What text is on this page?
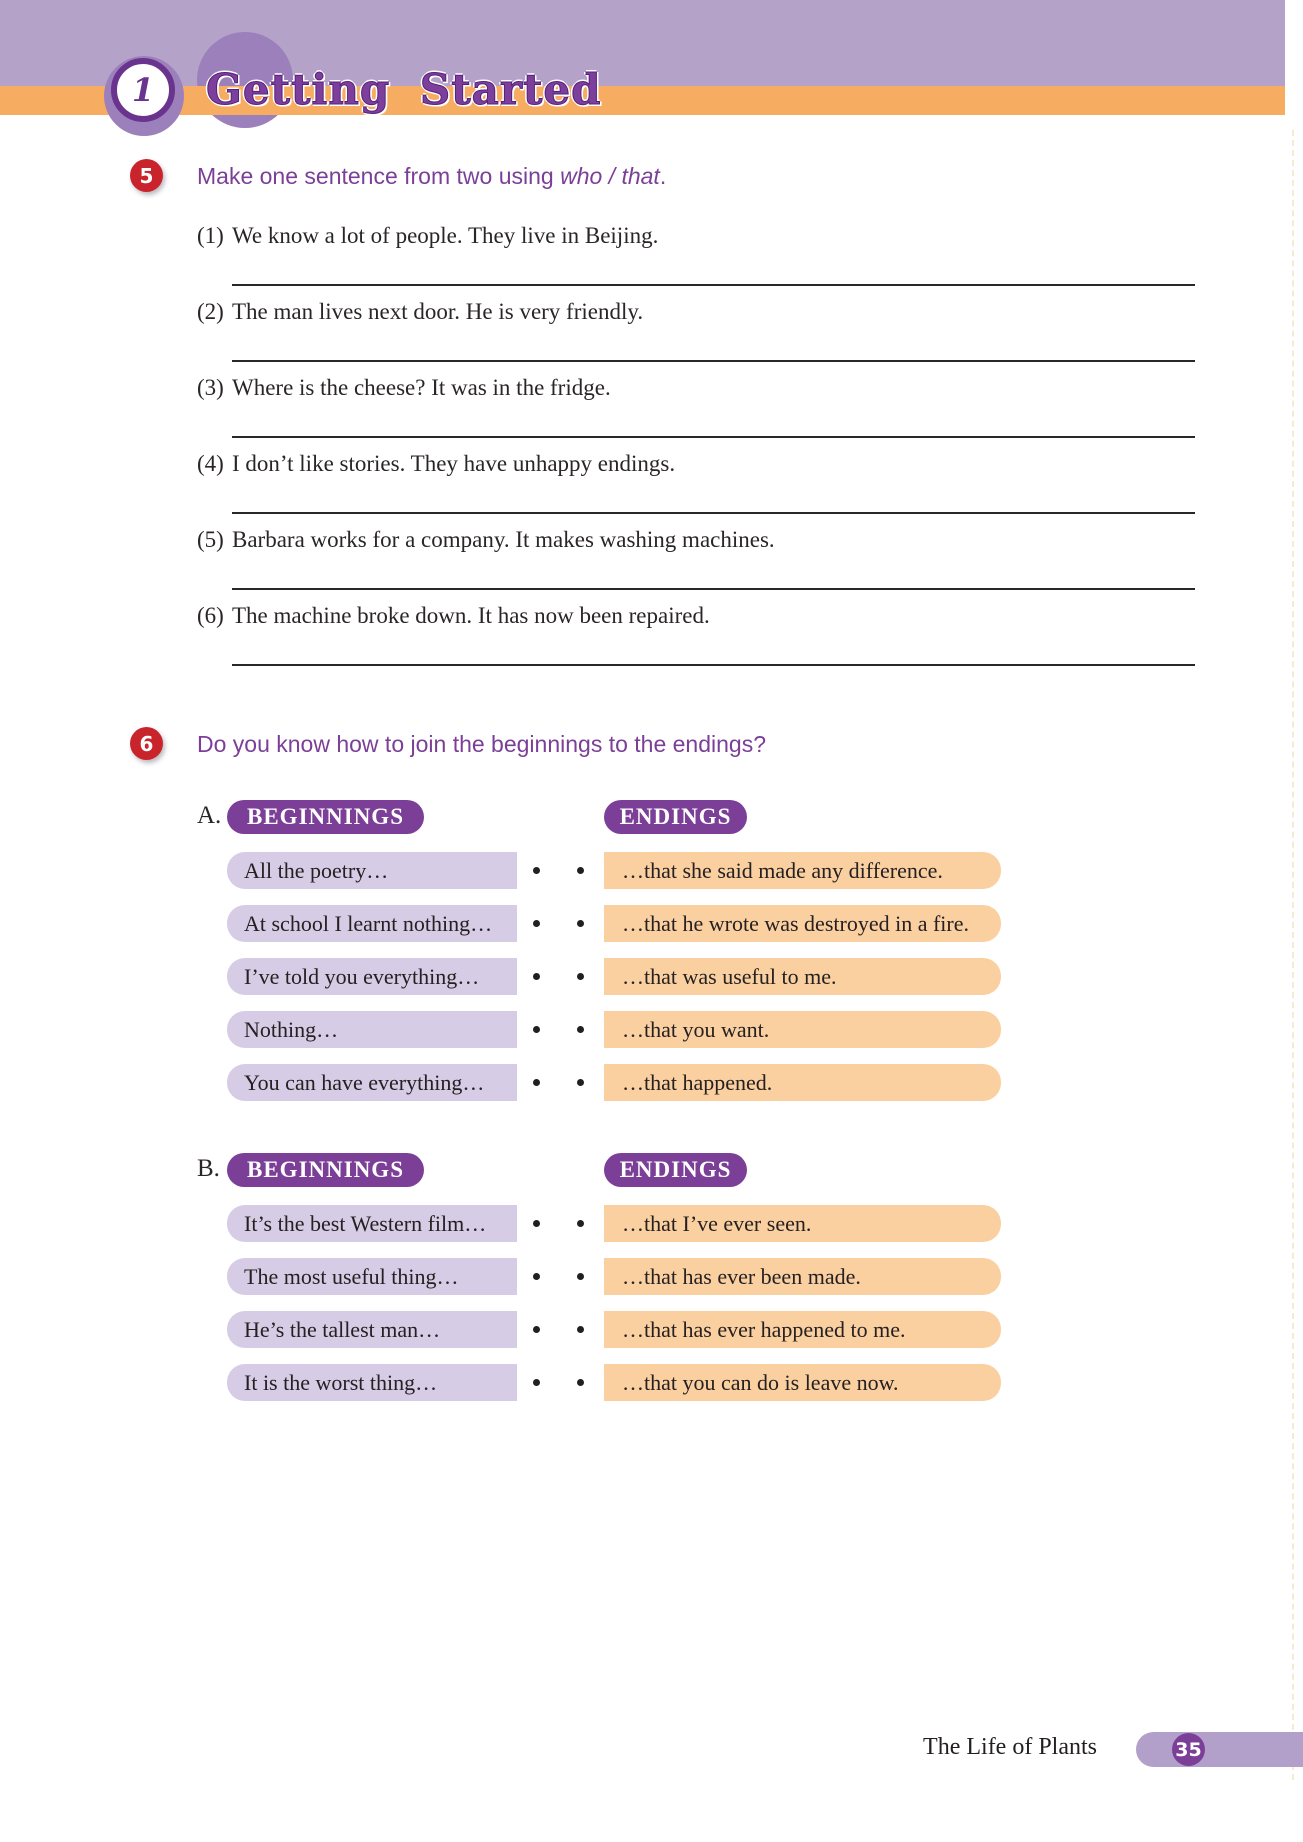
1 Getting Started
5	Make one sentence from two using who / that.

(1) We know a lot of people. They live in Beijing.
(2) The man lives next door. He is very friendly.
(3) Where is the cheese? It was in the fridge.
(4) I don’t like stories. They have unhappy endings.
(5) Barbara works for a company. It makes washing machines.
(6) The machine broke down. It has now been repaired.
6	Do you know how to join the beginnings to the endings?

A.	BEGINNINGS	ENDINGS
All the poetry…	…that she said made any difference.
At school I learnt nothing…	…that he wrote was destroyed in a fire.
I’ve told you everything…	…that was useful to me.
Nothing…	…that you want.
You can have everything…	…that happened.
B.	BEGINNINGS	ENDINGS
It’s the best Western film…	…that I’ve ever seen.
The most useful thing…	…that has ever been made.
He’s the tallest man…	…that has ever happened to me.
It is the worst thing…	…that you can do is leave now.

The Life of Plants	35
